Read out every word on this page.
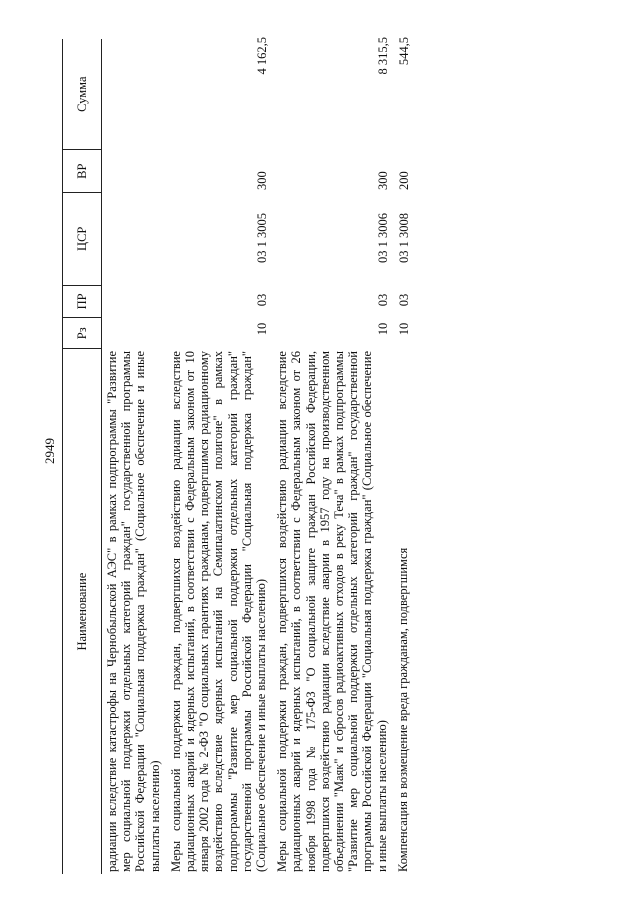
2949
Наименование
Рз
ПР
ЦСР
ВР
Сумма
радиации вследствие катастрофы на Чернобыльской АЭС" в рамках подпрограммы "Развитие мер социальной поддержки отдельных категорий граждан" государственной программы Российской Федерации "Социальная поддержка граждан" (Социальное обеспечение и иные выплаты населению) Меры социальной поддержки граждан, подвергшихся воздействию радиации вследствие радиационных аварий и ядерных испытаний, в соответствии с Федеральным законом от 10 января 2002 года № 2-ФЗ "О социальных гарантиях гражданам, подвергшимся радиационному воздействию вследствие ядерных испытаний на Семипалатинском полигоне" в рамках подпрограммы "Развитие мер социальной поддержки отдельных категорий граждан" государственной программы Российской Федерации "Социальная поддержка граждан" (Социальное обеспечение и иные выплаты населению)
10
03
03 1 3005
300
4 162,5
Меры социальной поддержки граждан, подвергшихся воздействию радиации вследствие радиационных аварий и ядерных испытаний, в соответствии с Федеральным законом от 26 ноября 1998 года № 175-ФЗ "О социальной защите граждан Российской Федерации, подвергшихся воздействию радиации вследствие аварии в 1957 году на производственном объединении "Маяк" и сбросов радиоактивных отходов в реку Теча" в рамках подпрограммы "Развитие мер социальной поддержки отдельных категорий граждан" государственной программы Российской Федерации "Социальная поддержка граждан" (Социальное обеспечение и иные выплаты населению)
10
03
03 1 3006
300
8 315,5
Компенсация в возмещение вреда гражданам, подвергшимся
10
03
03 1 3008
200
544,5
